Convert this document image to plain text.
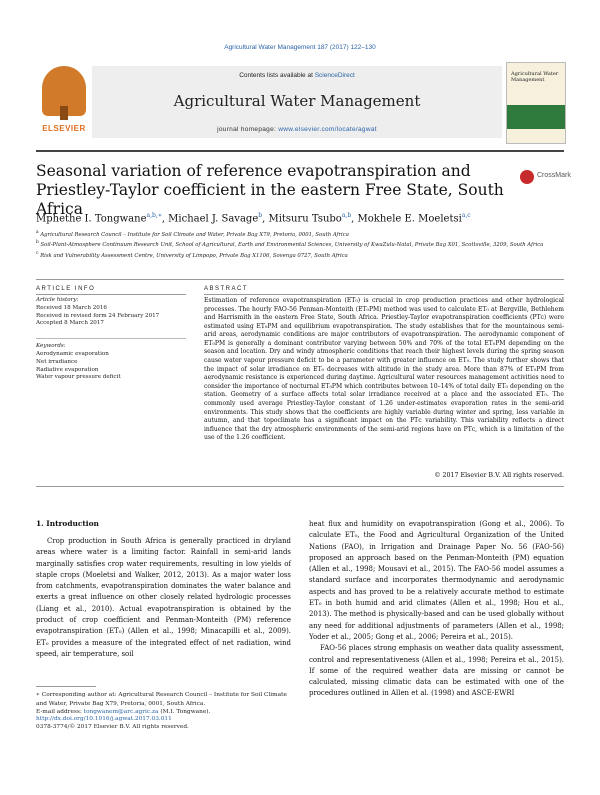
Agricultural Water Management 187 (2017) 122–130
ELSEVIER
Contents lists available at ScienceDirect
Agricultural Water Management
journal homepage: www.elsevier.com/locate/agwat
Agricultural Water Management
Seasonal variation of reference evapotranspiration and Priestley-Taylor coefficient in the eastern Free State, South Africa
CrossMark
Mphethe I. Tongwane$^{a,b,∗}$, Michael J. Savage$^b$, Mitsuru Tsubo$^{a,b}$, Mokhele E. Moeletsi$^{a,c}$
$^a$ Agricultural Research Council – Institute for Soil Climate and Water, Private Bag X79, Pretoria, 0001, South Africa
$^b$ Soil-Plant-Atmosphere Continuum Research Unit, School of Agricultural, Earth and Environmental Sciences, University of KwaZulu-Natal, Private Bag X01, Scottsville, 3209, South Africa
$^c$ Risk and Vulnerability Assessment Centre, University of Limpopo, Private Bag X1106, Sovenga 0727, South Africa
ARTICLE INFO	ABSTRACT
Article history:
Received 18 March 2016
Received in revised form 24 February 2017
Accepted 8 March 2017
Keywords:
Aerodynamic evaporation
Net irradiance
Radiative evaporation
Water vapour pressure deficit
Estimation of reference evapotranspiration (ET₀) is crucial in crop production practices and other hydrological processes. The hourly FAO-56 Penman-Monteith (ET₀PM) method was used to calculate ET₀ at Bergville, Bethlehem and Harrismith in the eastern Free State, South Africa. Priestley-Taylor evapotranspiration coefficients (PTᴄ) were estimated using ET₀PM and equilibrium evapotranspiration. The study establishes that for the mountainous semi-arid areas, aerodynamic conditions are major contributors of evapotranspiration. The aerodynamic component of ET₀PM is generally a dominant contributor varying between 50% and 70% of the total ET₀PM depending on the season and location. Dry and windy atmospheric conditions that reach their highest levels during the spring season cause water vapour pressure deficit to be a parameter with greater influence on ET₀. The study further shows that the impact of solar irradiance on ET₀ decreases with altitude in the study area. More than 87% of ET₀PM from aerodynamic resistance is experienced during daytime. Agricultural water resources management activities need to consider the importance of nocturnal ET₀PM which contributes between 10–14% of total daily ET₀ depending on the station. Geometry of a surface affects total solar irradiance received at a place and the associated ET₀. The commonly used average Priestley-Taylor constant of 1.26 under-estimates evaporation rates in the semi-arid environments. This study shows that the coefficients are highly variable during winter and spring, less variable in autumn, and that topoclimate has a significant impact on the PTᴄ variability. This variability reflects a direct influence that the dry atmospheric environments of the semi-arid regions have on PTᴄ, which is a limitation of the use of the 1.26 coefficient.
© 2017 Elsevier B.V. All rights reserved.
1. Introduction

Crop production in South Africa is generally practiced in dryland areas where water is a limiting factor. Rainfall in semi-arid lands marginally satisfies crop water requirements, resulting in low yields of staple crops (Moeletsi and Walker, 2012, 2013). As a major water loss from catchments, evapotranspiration dominates the water balance and exerts a great influence on other closely related hydrologic processes (Liang et al., 2010). Actual evapotranspiration is obtained by the product of crop coefficient and Penman-Monteith (PM) reference evapotranspiration (ET₀) (Allen et al., 1998; Minacapilli et al., 2009). ET₀ provides a measure of the integrated effect of net radiation, wind speed, air temperature, soil

heat flux and humidity on evapotranspiration (Gong et al., 2006). To calculate ET₀, the Food and Agricultural Organization of the United Nations (FAO), in Irrigation and Drainage Paper No. 56 (FAO-56) proposed an approach based on the Penman-Monteith (PM) equation (Allen et al., 1998; Mousavi et al., 2015). The FAO-56 model assumes a standard surface and incorporates thermodynamic and aerodynamic aspects and has proved to be a relatively accurate method to estimate ET₀ in both humid and arid climates (Allen et al., 1998; Hou et al., 2013). The method is physically-based and can be used globally without any need for additional adjustments of parameters (Allen et al., 1998; Yoder et al., 2005; Gong et al., 2006; Pereira et al., 2015).

FAO-56 places strong emphasis on weather data quality assessment, control and representativeness (Allen et al., 1998; Pereira et al., 2015). If some of the required weather data are missing or cannot be calculated, missing climatic data can be estimated with one of the procedures outlined in Allen et al. (1998) and ASCE-EWRI

∗ Corresponding author at: Agricultural Research Council – Institute for Soil Climate and Water, Private Bag X79, Pretoria, 0001, South Africa.
E-mail address: tongwanem@arc.agric.za (M.I. Tongwane).
http://dx.doi.org/10.1016/j.agwat.2017.03.011
0378-3774/© 2017 Elsevier B.V. All rights reserved.
